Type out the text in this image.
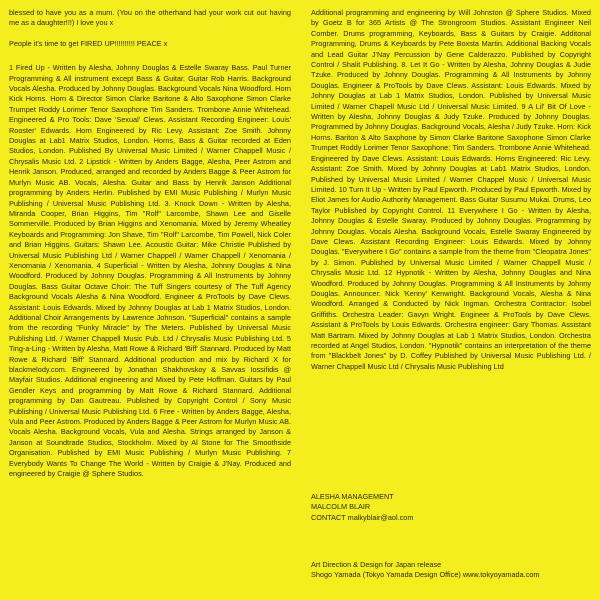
blessed to have you as a mum. (You on the otherhand had your work cut out having me as a daughter!!!) I love you x

People it's time to get FIRED UP!!!!!!!!!! PEACE x

1 Fired Up - Written by Alesha, Johnny Douglas & Estelle Swaray Bass. Paul Turner Programming & All instrument except Bass & Guitar. Guitar Rob Harris. Background Vocals Alesha. Produced by Johnny Douglas. Background Vocals Nina Woodford. Horn Kick Horns. Horn & Director Simon Clarke Baritone & Alto Saxophone Simon Clarke Trumpet Roddy Lorimer Tenor Saxophone Tim Sanders. Trombone Annie Whitehead. Engineered & Pro Tools: Dave 'Sexual' Clews. Assistant Recording Engineer: Louis' Rooster' Edwards. Horn Engineered by Ric Levy. Assistant: Zoe Smith. Johnny Douglas at Lab1 Matrix Studios, London. Horns, Bass & Guitar recorded at Eden Studios, London. Published By Universal Music Limited / Warner Chappell Music / Chrysalis Music Ltd. 2 Lipstick - Written by Anders Bagge, Alesha, Peer Astrom and Henrik Janson. Produced, arranged and recorded by Anders Bagge & Peer Astrom for Murlyn Music AB. Vocals, Alesha. Guitar and Bass by Henrik Janson Additional programming by Anders Herlin. Published by EMI Music Publishing / Murlyn Music Publishing / Universal Music Publishing Ltd. 3. Knock Down - Written by Alesha, Miranda Cooper, Brian Higgins, Tim "Rolf" Larcombe, Shawn Lee and Giselle Sommerville. Produced by Brian Higgins and Xenomania. Mixed by Jeremy Wheatley Keyboards and Programming: Jon Shave, Tim "Rolf" Larcombe, Tim Powell, Nick Coler and Brian Higgins. Guitars: Shawn Lee. Acoustic Guitar: Mike Christie Published by Universal Music Publishing Ltd / Warner Chappell / Warner Chappell / Xenomania / Xenomania / Xenomania. 4 Superficial - Written by Alesha, Johnny Douglas & Nina Woodford. Produced by Johnny Douglas. Programming & All Instruments by Johnny Douglas. Bass Guitar Octave Choir: The Tuff Singers courtesy of The Tuff Agency Background Vocals Alesha & Nina Woodford. Engineer & ProTools by Dave Clews. Assistant: Louis Edwards. Mixed by Johnny Douglas at Lab 1 Matrix Studios, London. Additional Choir Arrangements by Lawrence Johnson. "Superficial" contains a sample from the recording "Funky Miracle" by The Meters. Published by Universal Music Publishing Ltd. / Warner Chappell Music Pub. Ltd / Chrysalis Music Publishing Ltd. 5 Ting-a-Ling - Written by Alesha, Matt Rowe & Richard 'Biff' Stannard. Produced by Matt Rowe & Richard 'Biff' Stannard. Additional production and mix by Richard X for blackmelody.com. Engineered by Jonathan Shakhovskoy & Savvas Iossifidis @ Mayfair Studios. Additional engineering and Mixed by Pete Hoffman. Guitars by Paul Gendler Keys and programming by Matt Rowe & Richard Stannard. Additional programming by Dan Gautreau. Published by Copyright Control / Sony Music Publishing / Universal Music Publishing Ltd. 6 Free - Written by Anders Bagge, Alesha, Vula and Peer Astrom. Produced by Anders Bagge & Peer Astrom for Murlyn Music AB. Vocals Alesha. Background Vocals, Vula and Alesha. Strings arranged by Janson & Janson at Soundtrade Studios, Stockholm. Mixed by Al Stone for The Smoothside Organisation. Published by EMI Music Publishing / Murlyn Music Publishing. 7 Everybody Wants To Change The World - Written by Craigie & J'Nay. Produced and engineered by Craigie @ Sphere Studios.

Additional programming and engineering by Will Johnston @ Sphere Studios. Mixed by Goetz B for 365 Artists @ The Strongroom Studios. Assistant Engineer Neil Comber. Drums programming, Keyboards, Bass & Guitars by Craigie. Additonal Programming, Drums & Keyboards by Pete Boxsta Martin. Additional Backing Vocals and Lead Guitar J'Nay Percussion by Gene Calderazzo. Published by Copyright Control / Shalit Publishing. 8. Let It Go - Written by Alesha, Johnny Douglas & Judie Tzuke. Produced by Johnny Douglas. Programming & All Instruments by Johnny Douglas. Engineer & ProTools by Dave Clews. Assistant: Louis Edwards. Mixed by Johnny Douglas at Lab 1 Matrix Studios, London. Published by Universal Music Limited / Warner Chapell Music Ltd / Universal Music Limited. 9 A Lil' Bit Of Love - Written by Alesha, Johnny Douglas & Judy Tzuke. Produced by Johnny Douglas. Programmed by Johnny Douglas. Background Vocals, Alesha / Judy Tzuke. Horn: Kick Horns. Bariton & Alto Saxphone by Simon Clarke Baritone Saxophone Simon Clarke Trumpet Roddy Lorimer Tenor Saxophone: Tim Sanders. Trombone Annie Whitehead. Engineered by Dave Clews. Assistant: Louis Edwards. Horns Engineered: Ric Levy. Assistant: Zoe Smith. Mixed by Johnny Douglas at Lab1 Matrix Studios, London. Published by Universal Music Limited / Warner Chappel Music / Universal Music Limited. 10 Turn It Up - Written by Paul Epworth. Produced by Paul Epworth. Mixed by Eliot James for Audio Authority Management. Bass Guitar Susumu Mukai. Drums, Leo Taylor Published by Copyright Control. 11 Everywhere I Go - Written by Alesha, Johnny Douglas & Estelle Swaray. Produced by Johnny Douglas. Programming by Johnny Douglas. Vocals Alesha. Background Vocals, Estelle Swaray Engineered by Dave Clews. Assistant Recording Engineer: Louis Edwards. Mixed by Johnny Douglas. "Everywhere I Go" contains a sample from the theme from "Cleopatra Jones" by J. Simon. Published by Universal Music Limited / Warner Chappell Music / Chrysalis Music Ltd. 12 Hypnotik - Written by Alesha, Johnny Douglas and Nina Woodford. Produced by Johnny Douglas. Programming & All Instruments by Johnny Douglas. Announcer: Nick 'Kenny' Kenwright. Background Vocals, Alesha & Nina Woodford. Arranged & Conducted by Nick Ingman. Orchestra Contractor: Isobel Griffiths. Orchestra Leader: Gavyn Wright. Engineer & ProTools by Dave Clews. Assistant & ProTools by Louis Edwards. Orchestra engineer: Gary Thomas. Assistant Matt Bartram. Mixed by Johnny Douglas at Lab 1 Matrix Studios, London. Orchestra recorded at Angel Studios, London. "Hypnotik" contains an interpretation of the theme from "Blackbelt Jones" by D. Coffey Published by Universal Music Publishing Ltd. / Warner Chappell Music Ltd / Chrysalis Music Publishing Ltd

ALESHA MANAGEMENT

MALCOLM BLAIR

CONTACT malkyblair@aol.com

Art Direction & Design for Japan release

Shogo Yamada (Tokyo Yamada Design Office) www.tokyoyamada.com
